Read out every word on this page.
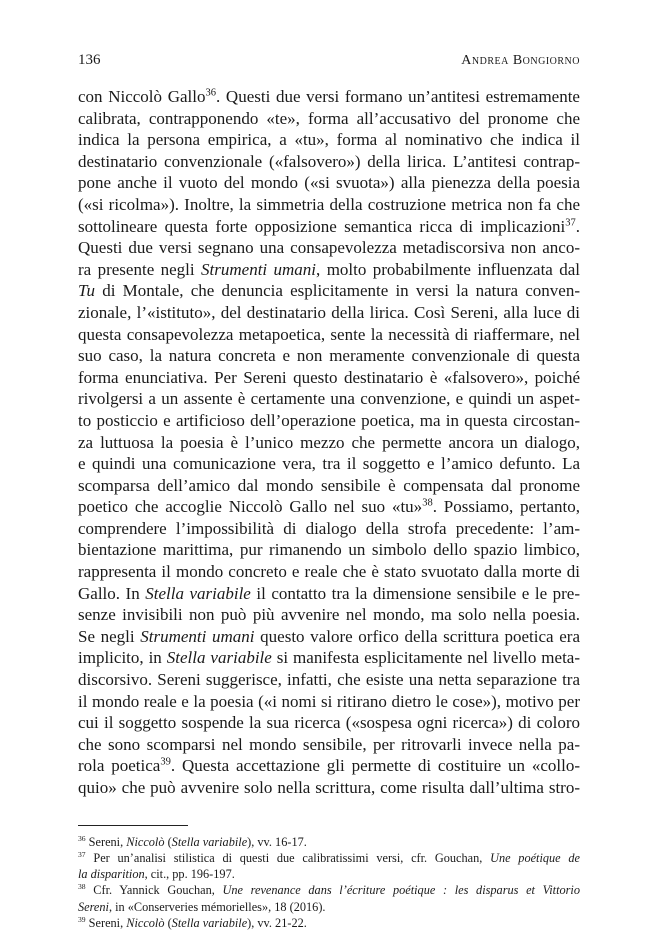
136	Andrea Bongiorno
con Niccolò Gallo$^{36}$. Questi due versi formano un’antitesi estremamente
calibrata, contrapponendo «te», forma all’accusativo del pronome che
indica la persona empirica, a «tu», forma al nominativo che indica il
destinatario convenzionale («falsovero») della lirica. L’antitesi contrap-
pone anche il vuoto del mondo («si svuota») alla pienezza della poesia
(«si ricolma»). Inoltre, la simmetria della costruzione metrica non fa che
sottolineare questa forte opposizione semantica ricca di implicazioni$^{37}$.
Questi due versi segnano una consapevolezza metadiscorsiva non anco-
ra presente negli Strumenti umani, molto probabilmente influenzata dal
Tu di Montale, che denuncia esplicitamente in versi la natura conven-
zionale, l’«istituto», del destinatario della lirica. Così Sereni, alla luce di
questa consapevolezza metapoetica, sente la necessità di riaffermare, nel
suo caso, la natura concreta e non meramente convenzionale di questa
forma enunciativa. Per Sereni questo destinatario è «falsovero», poiché
rivolgersi a un assente è certamente una convenzione, e quindi un aspet-
to posticcio e artificioso dell’operazione poetica, ma in questa circostan-
za luttuosa la poesia è l’unico mezzo che permette ancora un dialogo,
e quindi una comunicazione vera, tra il soggetto e l’amico defunto. La
scomparsa dell’amico dal mondo sensibile è compensata dal pronome
poetico che accoglie Niccolò Gallo nel suo «tu»$^{38}$. Possiamo, pertanto,
comprendere l’impossibilità di dialogo della strofa precedente: l’am-
bientazione marittima, pur rimanendo un simbolo dello spazio limbico,
rappresenta il mondo concreto e reale che è stato svuotato dalla morte di
Gallo. In Stella variabile il contatto tra la dimensione sensibile e le pre-
senze invisibili non può più avvenire nel mondo, ma solo nella poesia.
Se negli Strumenti umani questo valore orfico della scrittura poetica era
implicito, in Stella variabile si manifesta esplicitamente nel livello meta-
discorsivo. Sereni suggerisce, infatti, che esiste una netta separazione tra
il mondo reale e la poesia («i nomi si ritirano dietro le cose»), motivo per
cui il soggetto sospende la sua ricerca («sospesa ogni ricerca») di coloro
che sono scomparsi nel mondo sensibile, per ritrovarli invece nella pa-
rola poetica$^{39}$. Questa accettazione gli permette di costituire un «collo-
quio» che può avvenire solo nella scrittura, come risulta dall’ultima stro-
$^{36}$ Sereni, Niccolò (Stella variabile), vv. 16-17.
$^{37}$ Per un’analisi stilistica di questi due calibratissimi versi, cfr. Gouchan, Une poétique de
la disparition, cit., pp. 196-197.
$^{38}$ Cfr. Yannick Gouchan, Une revenance dans l’écriture poétique : les disparus et Vittorio
Sereni, in «Conserveries mémorielles», 18 (2016).
$^{39}$ Sereni, Niccolò (Stella variabile), vv. 21-22.
